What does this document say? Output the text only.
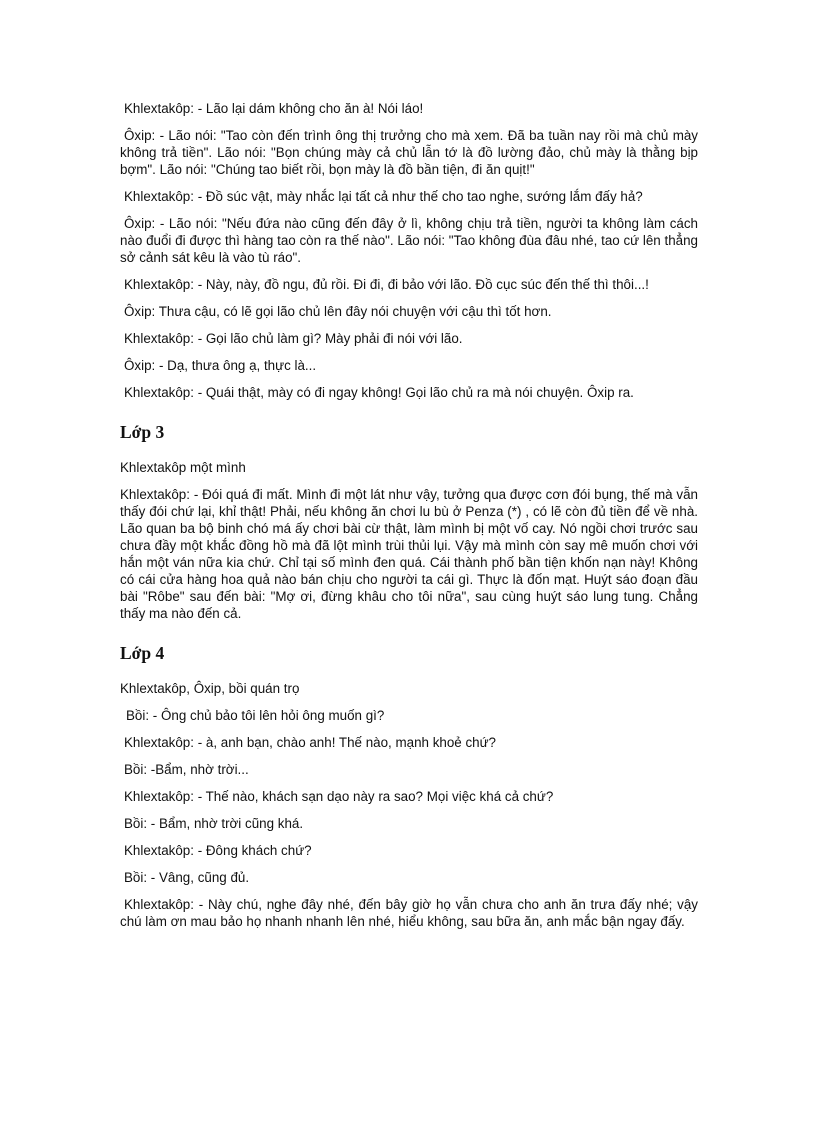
Khlextakôp: - Lão lại dám không cho ăn à! Nói láo!

Ôxip: - Lão nói: "Tao còn đến trình ông thị trưởng cho mà xem. Đã ba tuần nay rồi mà chủ mày không trả tiền". Lão nói: "Bọn chúng mày cả chủ lẫn tớ là đồ lường đảo, chủ mày là thằng bịp bợm". Lão nói: "Chúng tao biết rồi, bọn mày là đồ bần tiện, đi ăn quịt!"

Khlextakôp: - Đồ súc vật, mày nhắc lại tất cả như thế cho tao nghe, sướng lắm đấy hả?

Ôxip: - Lão nói: "Nếu đứa nào cũng đến đây ở lì, không chịu trả tiền, người ta không làm cách nào đuổi đi được thì hàng tao còn ra thế nào". Lão nói: "Tao không đùa đâu nhé, tao cứ lên thẳng sở cảnh sát kêu là vào tù ráo".

Khlextakôp: - Này, này, đồ ngu, đủ rồi. Đi đi, đi bảo với lão. Đồ cục súc đến thế thì thôi...!

Ôxip: Thưa cậu, có lẽ gọi lão chủ lên đây nói chuyện với cậu thì tốt hơn.

Khlextakôp: - Gọi lão chủ làm gì? Mày phải đi nói với lão.

Ôxip: - Dạ, thưa ông ạ, thực là...

Khlextakôp: - Quái thật, mày có đi ngay không! Gọi lão chủ ra mà nói chuyện. Ôxip ra.

Lớp 3

Khlextakôp một mình

Khlextakôp: - Đói quá đi mất. Mình đi một lát như vậy, tưởng qua được cơn đói bụng, thế mà vẫn thấy đói chứ lại, khỉ thật! Phải, nếu không ăn chơi lu bù ở Penza (*) , có lẽ còn đủ tiền để về nhà. Lão quan ba bộ binh chó má ấy chơi bài cừ thật, làm mình bị một vố cay. Nó ngồi chơi trước sau chưa đầy một khắc đồng hồ mà đã lột mình trùi thủi lụi. Vậy mà mình còn say mê muốn chơi với hắn một ván nữa kia chứ. Chỉ tại số mình đen quá. Cái thành phố bần tiện khốn nạn này! Không có cái cửa hàng hoa quả nào bán chịu cho người ta cái gì. Thực là đốn mạt. Huýt sáo đoạn đầu bài "Rôbe" sau đến bài: "Mợ ơi, đừng khâu cho tôi nữa", sau cùng huýt sáo lung tung. Chẳng thấy ma nào đến cả.

Lớp 4

Khlextakôp, Ôxip, bồi quán trọ

Bồi: - Ông chủ bảo tôi lên hỏi ông muốn gì?

Khlextakôp: - à, anh bạn, chào anh! Thế nào, mạnh khoẻ chứ?

Bồi: -Bẩm, nhờ trời...

Khlextakôp: - Thế nào, khách sạn dạo này ra sao? Mọi việc khá cả chứ?

Bồi: - Bẩm, nhờ trời cũng khá.

Khlextakôp: - Đông khách chứ?

Bồi: - Vâng, cũng đủ.

Khlextakôp: - Này chú, nghe đây nhé, đến bây giờ họ vẫn chưa cho anh ăn trưa đấy nhé; vậy chú làm ơn mau bảo họ nhanh nhanh lên nhé, hiểu không, sau bữa ăn, anh mắc bận ngay đấy.
